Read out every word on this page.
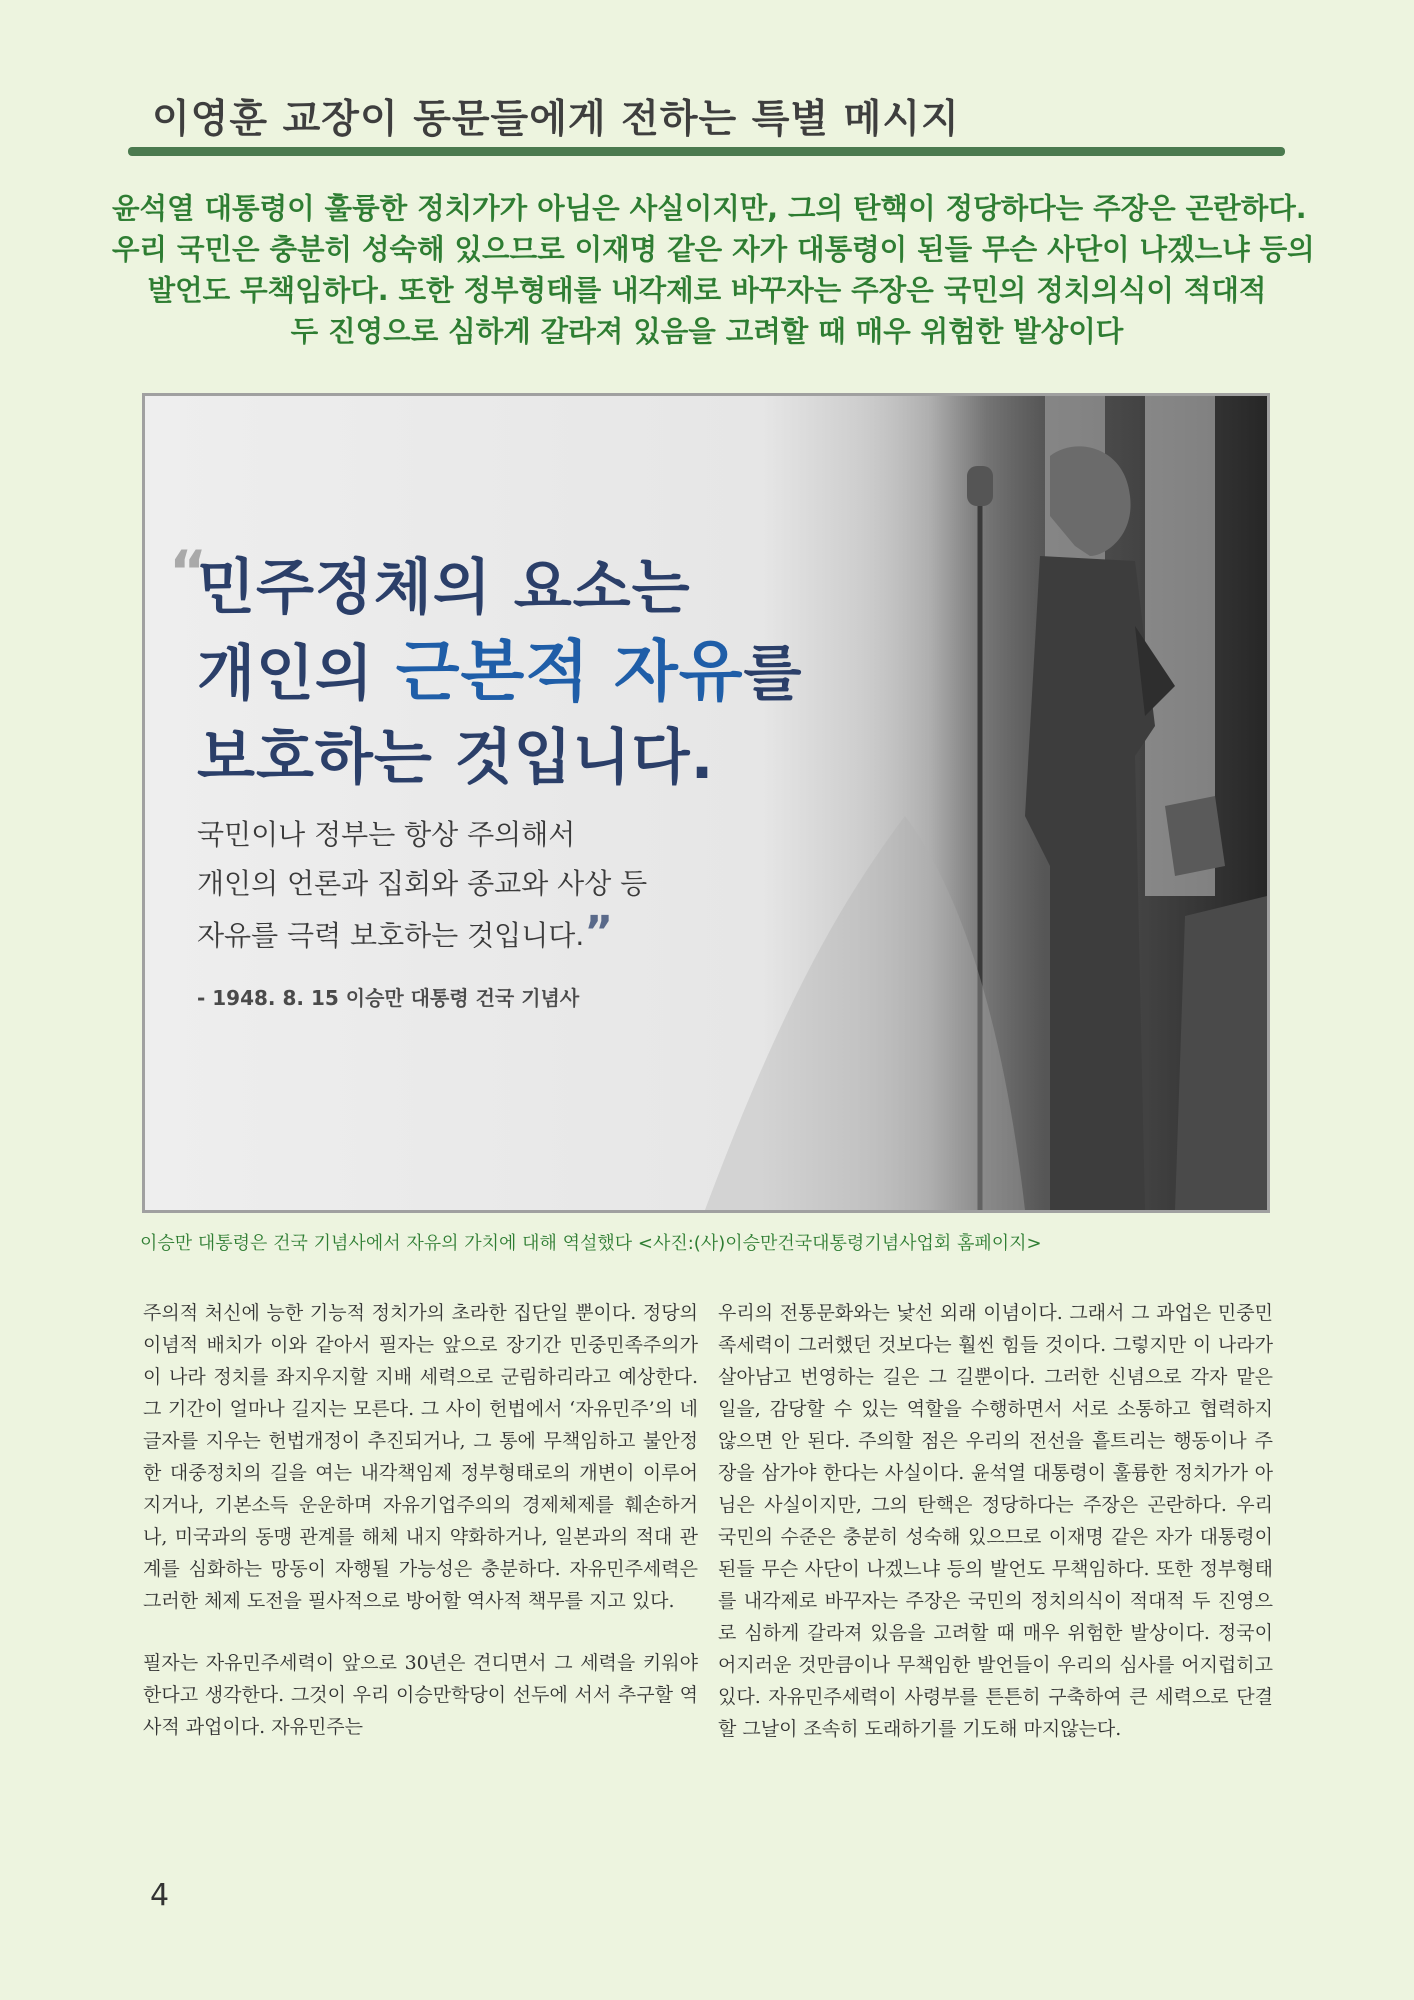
이영훈 교장이 동문들에게 전하는 특별 메시지
윤석열 대통령이 훌륭한 정치가가 아님은 사실이지만, 그의 탄핵이 정당하다는 주장은 곤란하다.
우리 국민은 충분히 성숙해 있으므로 이재명 같은 자가 대통령이 된들 무슨 사단이 나겠느냐 등의
발언도 무책임하다. 또한 정부형태를 내각제로 바꾸자는 주장은 국민의 정치의식이 적대적
두 진영으로 심하게 갈라져 있음을 고려할 때 매우 위험한 발상이다
“
민주정체의 요소는
개인의 근본적 자유를
보호하는 것입니다.
국민이나 정부는 항상 주의해서
개인의 언론과 집회와 종교와 사상 등
자유를 극력 보호하는 것입니다.”
- 1948. 8. 15 이승만 대통령 건국 기념사
이승만 대통령은 건국 기념사에서 자유의 가치에 대해 역설했다 <사진:(사)이승만건국대통령기념사업회 홈페이지>

주의적 처신에 능한 기능적 정치가의 초라한 집단일 뿐이다. 정당의 이념적 배치가 이와 같아서 필자는 앞으로 장기간 민중민족주의가 이 나라 정치를 좌지우지할 지배 세력으로 군림하리라고 예상한다. 그 기간이 얼마나 길지는 모른다. 그 사이 헌법에서 ‘자유민주’의 네 글자를 지우는 헌법개정이 추진되거나, 그 통에 무책임하고 불안정한 대중정치의 길을 여는 내각책임제 정부형태로의 개변이 이루어지거나, 기본소득 운운하며 자유기업주의의 경제체제를 훼손하거나, 미국과의 동맹 관계를 해체 내지 약화하거나, 일본과의 적대 관계를 심화하는 망동이 자행될 가능성은 충분하다. 자유민주세력은 그러한 체제 도전을 필사적으로 방어할 역사적 책무를 지고 있다.

필자는 자유민주세력이 앞으로 30년은 견디면서 그 세력을 키워야 한다고 생각한다. 그것이 우리 이승만학당이 선두에 서서 추구할 역사적 과업이다. 자유민주는

우리의 전통문화와는 낯선 외래 이념이다. 그래서 그 과업은 민중민족세력이 그러했던 것보다는 훨씬 힘들 것이다. 그렇지만 이 나라가 살아남고 번영하는 길은 그 길뿐이다. 그러한 신념으로 각자 맡은 일을, 감당할 수 있는 역할을 수행하면서 서로 소통하고 협력하지 않으면 안 된다. 주의할 점은 우리의 전선을 흩트리는 행동이나 주장을 삼가야 한다는 사실이다. 윤석열 대통령이 훌륭한 정치가가 아님은 사실이지만, 그의 탄핵은 정당하다는 주장은 곤란하다. 우리 국민의 수준은 충분히 성숙해 있으므로 이재명 같은 자가 대통령이 된들 무슨 사단이 나겠느냐 등의 발언도 무책임하다. 또한 정부형태를 내각제로 바꾸자는 주장은 국민의 정치의식이 적대적 두 진영으로 심하게 갈라져 있음을 고려할 때 매우 위험한 발상이다. 정국이 어지러운 것만큼이나 무책임한 발언들이 우리의 심사를 어지럽히고 있다. 자유민주세력이 사령부를 튼튼히 구축하여 큰 세력으로 단결할 그날이 조속히 도래하기를 기도해 마지않는다.

4
